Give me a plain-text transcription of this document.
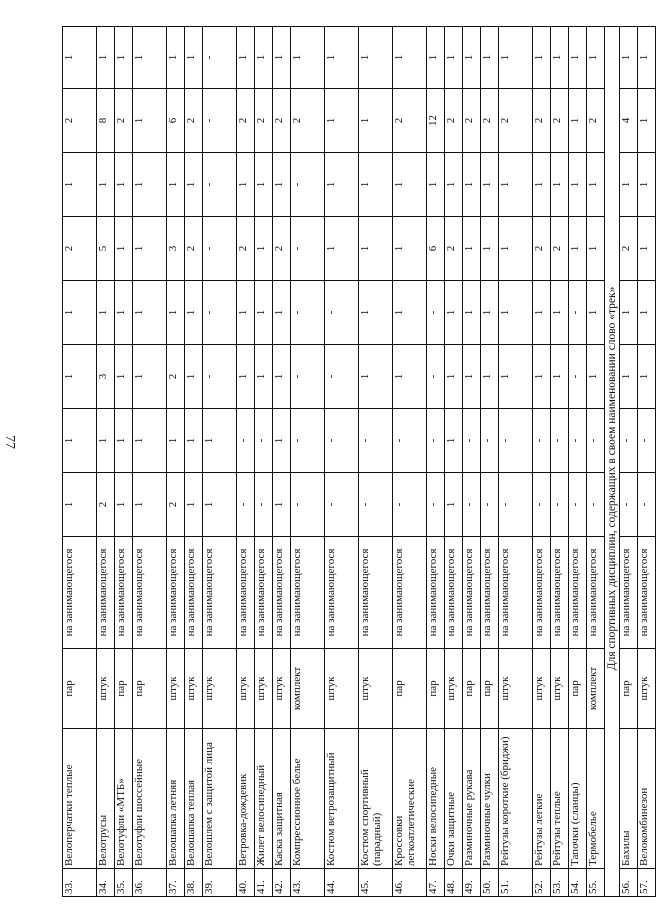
77
33.	Велоперчатки теплые	пар	на занимающегося	1	1	1	1	2	1	2	1
34.	Велотрусы	штук	на занимающегося	2	1	3	1	5	1	8	1
35.	Велотуфли «МТБ»	пар	на занимающегося	1	1	1	1	1	1	2	1
36.	Велотуфли шоссейные	пар	на занимающегося	1	1	1	1	1	1	1	1
37.	Велошапка летняя	штук	на занимающегося	2	1	2	1	3	1	6	1
38.	Велошапка теплая	штук	на занимающегося	1	1	1	1	2	1	2	1
39.	Велошлем с защитой лица	штук	на занимающегося	1	1	-	-	-	-	-	-
40.	Ветровка-дождевик	штук	на занимающегося	-	-	1	1	2	1	2	1
41.	Жилет велосипедный	штук	на занимающегося	-	-	1	1	1	1	2	1
42.	Каска защитная	штук	на занимающегося	1	1	1	1	2	1	2	1
43.	Компрессионное белье	комплект	на занимающегося	-	-	-	-	-	-	2	1
44.	Костюм ветрозащитный	штук	на занимающегося	-	-	-	-	1	1	1	1
45.	Костюм спортивный (парадный)	штук	на занимающегося	-	-	1	1	1	1	1	1
46.	Кроссовки легкоатлетические	пар	на занимающегося	-	-	1	1	1	1	2	1
47.	Носки велосипедные	пар	на занимающегося	-	-	-	-	6	1	12	1
48.	Очки защитные	штук	на занимающегося	1	1	1	1	2	1	2	1
49.	Разминочные рукава	пар	на занимающегося	-	-	1	1	1	1	2	1
50.	Разминочные чулки	пар	на занимающегося	-	-	1	1	1	1	2	1
51.	Рейтузы короткие (бриджи)	штук	на занимающегося	-	-	1	1	1	1	2	1
52.	Рейтузы легкие	штук	на занимающегося	-	-	1	1	2	1	2	1
53.	Рейтузы теплые	штук	на занимающегося	-	-	1	1	2	1	2	1
54.	Тапочки (сланцы)	пар	на занимающегося	-	-	-	-	1	1	1	1
55.	Термобелье	комплект	на занимающегося	-	-	1	1	1	1	2	1
	Для спортивных дисциплин, содержащих в своем наименовании слово «трек»										
56.	Бахилы	пар	на занимающегося	-	-	1	1	2	1	4	1
57.	Велокомбинезон	штук	на занимающегося	-	-	1	1	1	1	1	1
